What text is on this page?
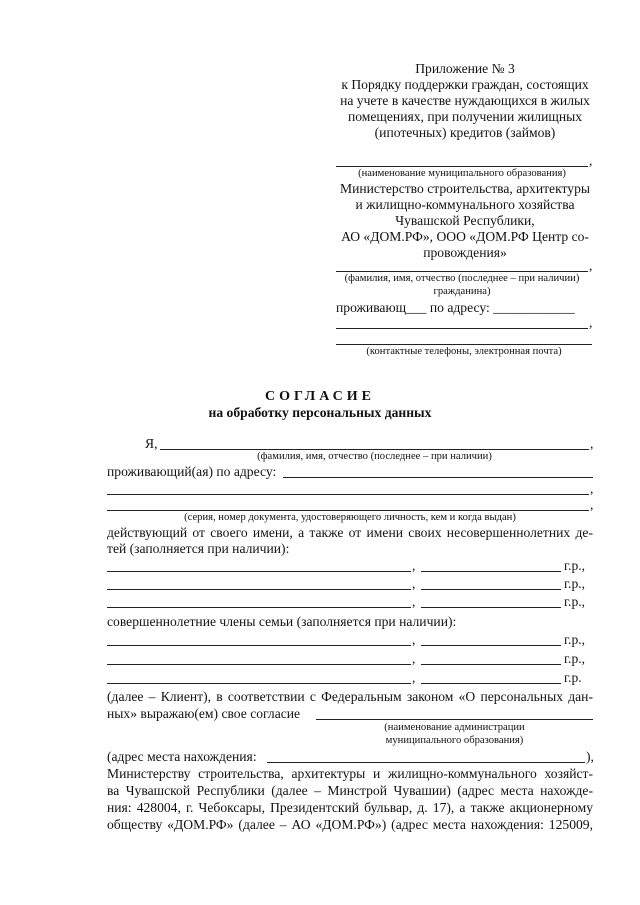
Приложение № 3
к Порядку поддержки граждан, состоящих
на учете в качестве нуждающихся в жилых
помещениях, при получении жилищных
(ипотечных) кредитов (займов)
,
(наименование муниципального образования)
Министерство строительства, архитектуры
и жилищно-коммунального хозяйства
Чувашской Республики,
АО «ДОМ.РФ», ООО «ДОМ.РФ Центр со-
провождения»
,
(фамилия, имя, отчество (последнее – при наличии)
гражданина)
проживающ___ по адресу: ____________
,
(контактные телефоны, электронная почта)
СОГЛАСИЕ
на обработку персональных данных
Я,	,
(фамилия, имя, отчество (последнее – при наличии)
проживающий(ая) по адресу:
,
,
(серия, номер документа, удостоверяющего личность, кем и когда выдан)
действующий от своего имени, а также от имени своих несовершеннолетних де-
тей (заполняется при наличии):
,	г.р.,
,	г.р.,
,	г.р.,
совершеннолетние члены семьи (заполняется при наличии):
,	г.р.,
,	г.р.,
,	г.р.
(далее – Клиент), в соответствии с Федеральным законом «О персональных дан-
ных» выражаю(ем) свое согласие
(наименование администрации
муниципального образования)
(адрес места нахождения:	),
Министерству строительства, архитектуры и жилищно-коммунального хозяйст-
ва Чувашской Республики (далее – Минстрой Чувашии) (адрес места нахожде-
ния: 428004, г. Чебоксары, Президентский бульвар, д. 17), а также акционерному
обществу «ДОМ.РФ» (далее – АО «ДОМ.РФ») (адрес места нахождения: 125009,
